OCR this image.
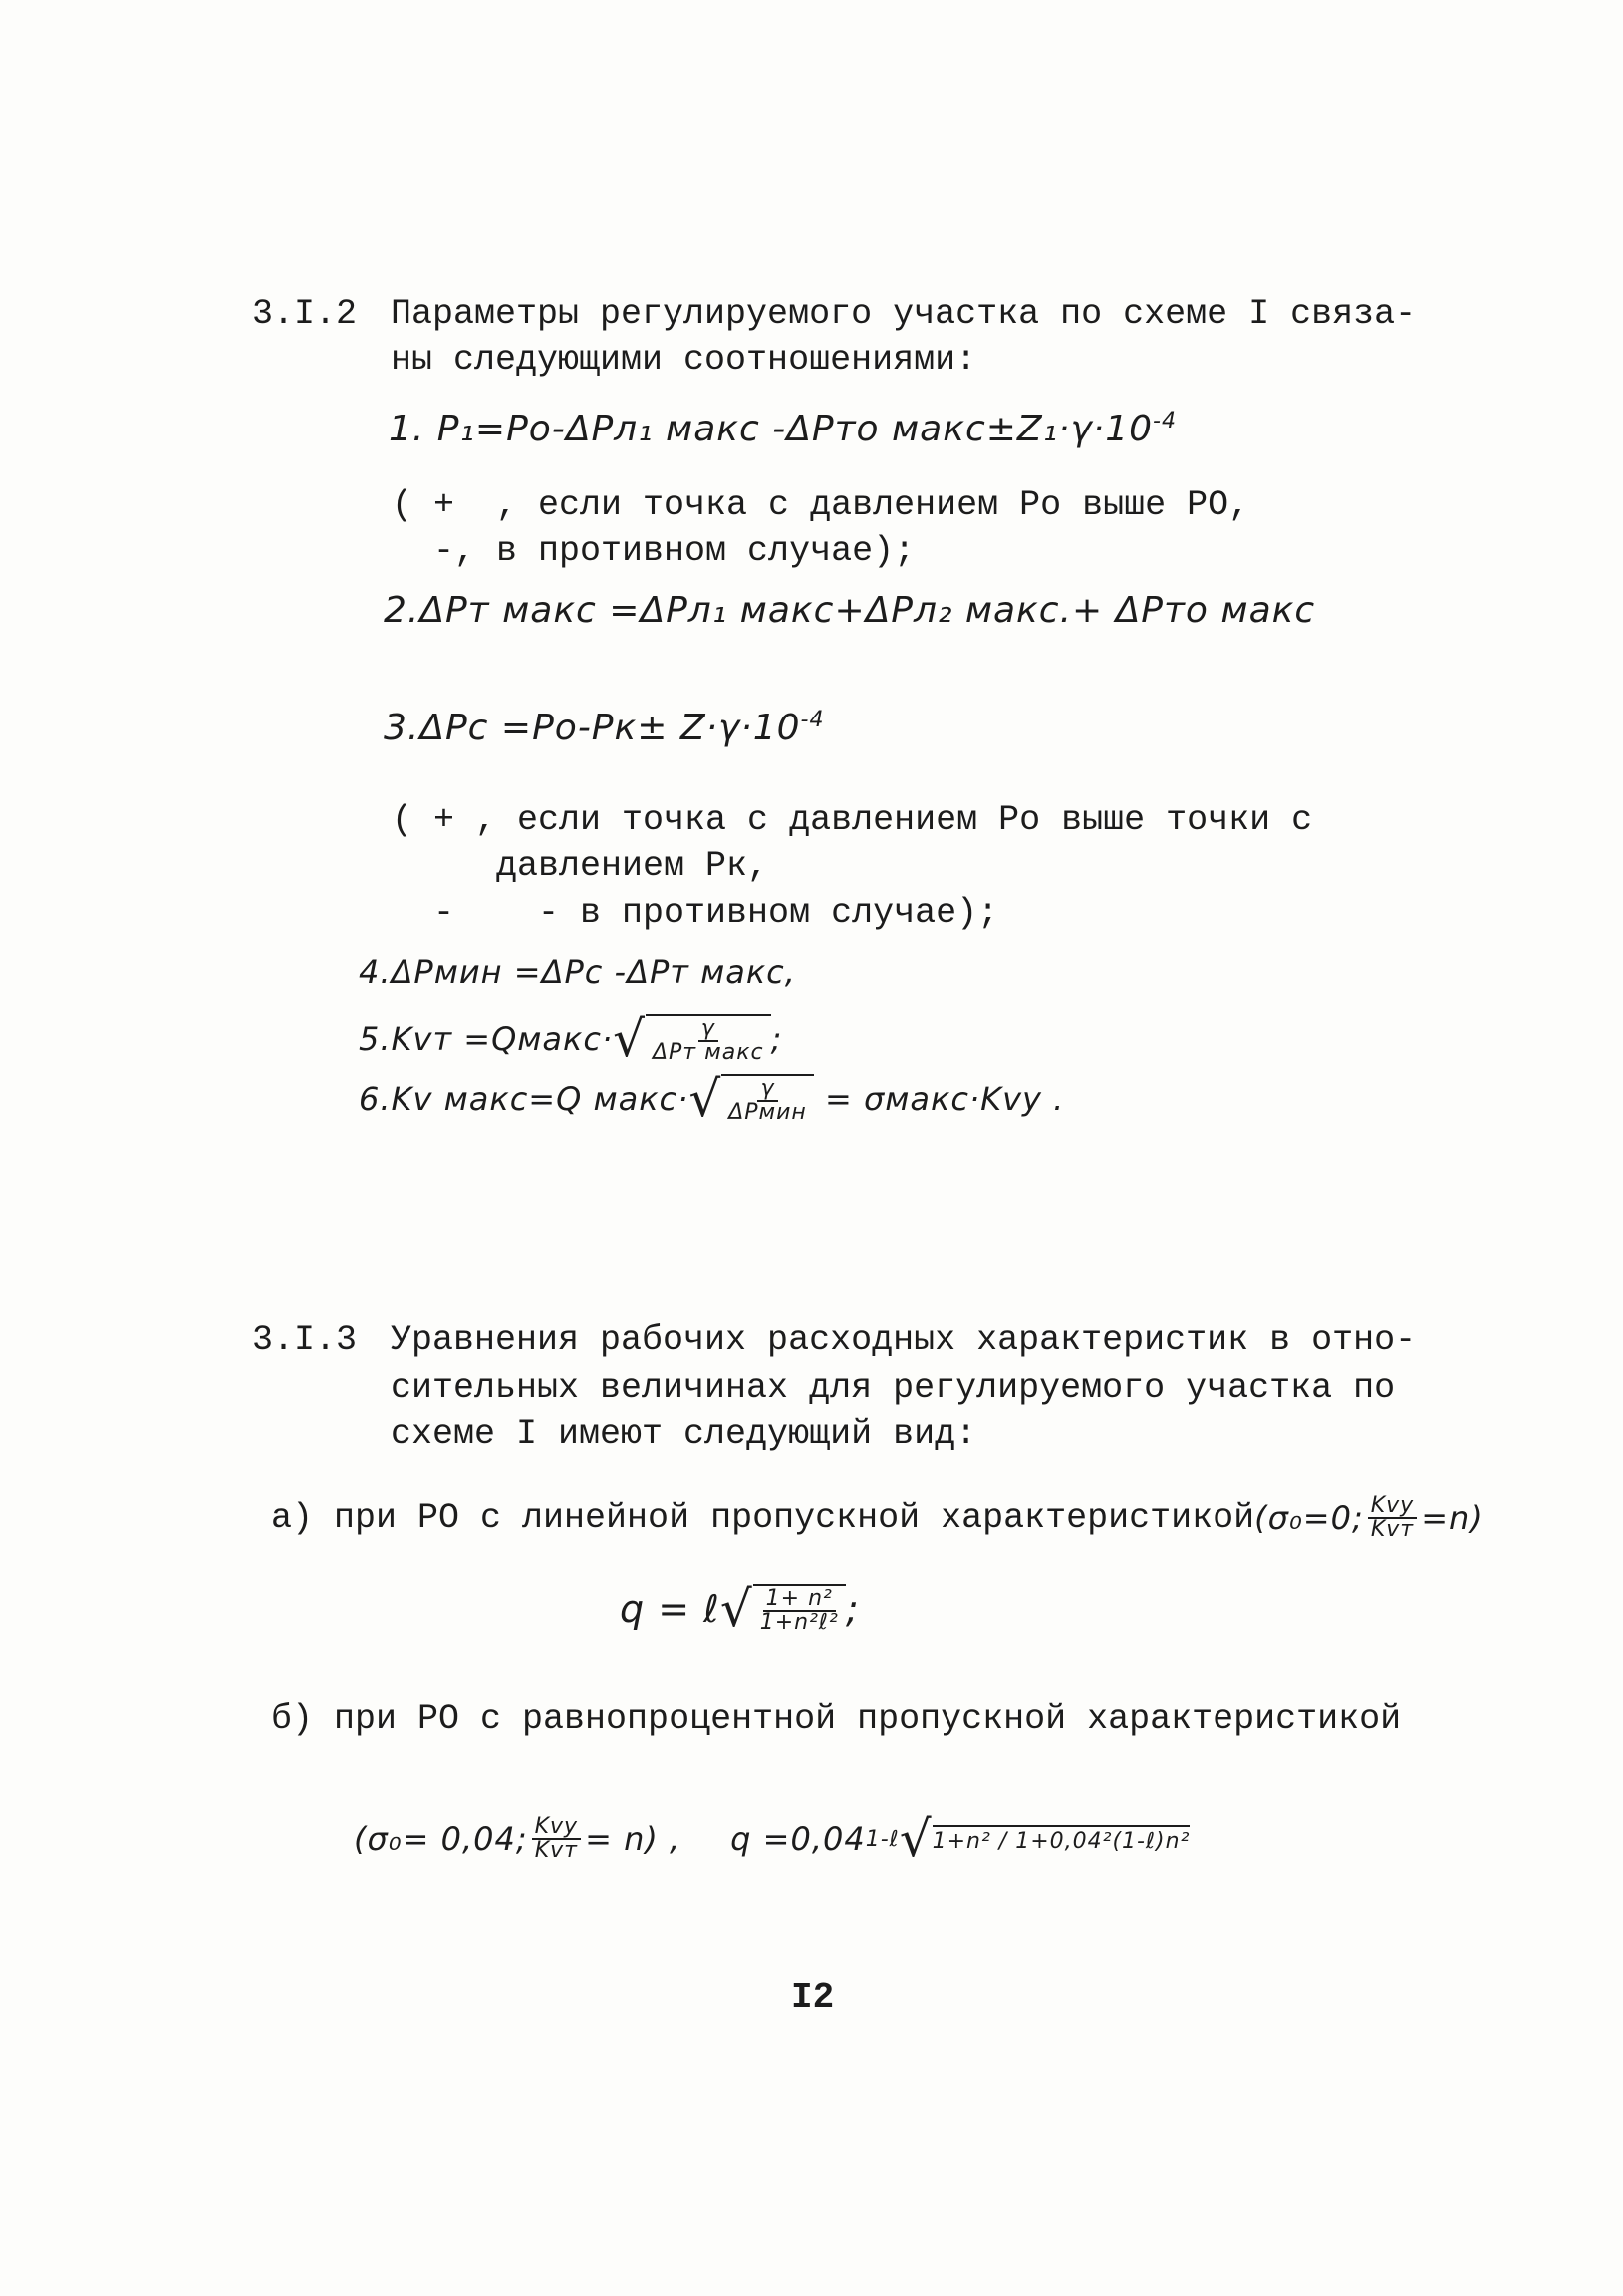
3.I.2 Параметры регулируемого участка по схеме I связа-
ны следующими соотношениями:
1. P₁=Pо-ΔPл₁ макс -ΔPто $макс\pm Z_1\cdot\gamma\cdot 10^{-4}$
( +  , если точка с давлением Ро выше РО,
-, в противном случае);
2.ΔPт макс =ΔPл₁ макс+ΔPл₂ макс.+ ΔPто макс
$3.\Delta Pс =Pо-Pк\pm Z\cdot\gamma\cdot 10^{-4}$
( + , если точка с давлением Ро выше точки с
давлением Рк,
-    - в противном случае);
4.ΔPмин =ΔPс -ΔPт макс,
5.Kvт =Qмакс· √ $\frac{\gamma}{\text{ΔPт макс}}$ ;
6.Kv макс=Q макс· √ $\frac{\gamma}{\text{ΔPмин}}$ = σмакс·Kvу .
3.I.3 Уравнения рабочих расходных характеристик в отно-
сительных величинах для регулируемого участка по
схеме I имеют следующий вид:
а) при РО с линейной пропускной характеристикой (σ₀=0; $\frac{\text{Kvу}}{\text{Kvт}} =n$)
q = ℓ √ $\frac{\text{1+ n²}}{\text{1+n²ℓ²}}$ ;
б) при РО с равнопроцентной пропускной характеристикой
(σ₀= 0,04; $\frac{\text{Kvу}}{\text{Kvт}} = n$) , q =0,04 1-ℓ √ 1+n² / 1+0,04²(1-ℓ)n²
I2
